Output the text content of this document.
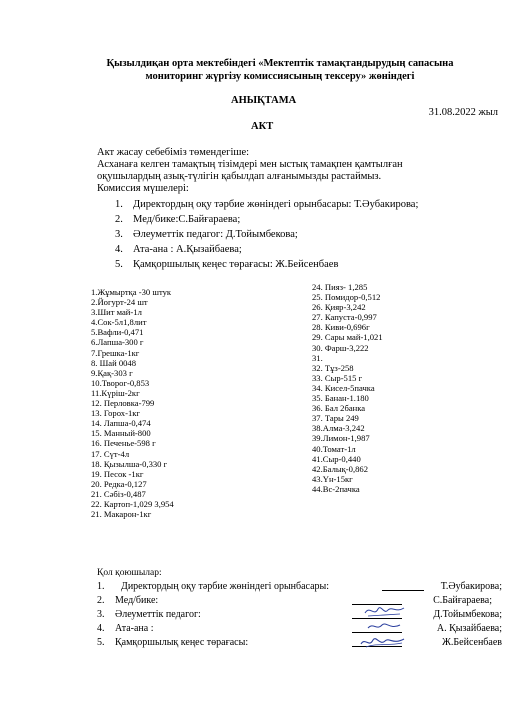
Қызылдиқан орта мектебіндегі «Мектептік тамақтандырудың сапасына
мониторинг жүргізу комиссиясының тексеру» жөніндегі
АНЫҚТАМА
31.08.2022 жыл
АКТ
Акт жасау себебіміз төмендегіше:
Асханаға келген тамақтың тізімдері мен ыстық тамақпен қамтылған
оқушылардың азық-түлігін қабылдап алғанымызды растаймыз.
Комиссия мүшелері:
1. Директордың оқу тәрбие жөніндегі орынбасары: Т.Әубакирова;
2. Мед/бике:С.Байғараева;
3. Әлеуметтік педагог: Д.Тойымбекова;
4. Ата-ана : А.Қызайбаева;
5. Қамқоршылық кеңес төрағасы: Ж.Бейсенбаев
1.Жұмыртқа -30 штук
2.Йогурт-24 шт
3.Шит май-1л
4.Сок-5л1,8лит
5.Вафли-0,471
6.Лапша-300 г
7.Грешка-1кг
8. Шай 0048
9.Қақ-303 г
10.Творог-0,853
11.Күріш-2кг
12. Перловка-799
13. Горох-1кг
14. Лапша-0,474
15. Манный-800
16. Печенье-598 г
17. Сүт-4л
18. Қызылша-0,330 г
19. Песок -1кг
20. Редка-0,127
21. Сәбіз-0,487
22. Картоп-1,029 3,954
21. Макарон-1кг
24. Пияз- 1,285
25. Помидор-0,512
26. Қияр-3,242
27. Капуста-0,997
28. Киви-0,696г
29. Сары май-1,021
30. Фарш-3,222
31.
32. Тұз-258
33. Сыр-515 г
34. Кисел-5пачка
35. Банан-1.180
36. Бал 2банка
37. Тары 249
38.Алма-3,242
39.Лимон-1,987
40.Томат-1л
41.Сыр-0,440
42.Балық-0,862
43.Үн-15кг
44.Вс-2пачка
Қол қоюшылар:
1. Директордың оқу тәрбие жөніндегі орынбасары:	Т.Әубакирова;
2. Мед/бике:	С.Байғараева;
3. Әлеуметтік педагог:	Д.Тойымбекова;
4. Ата-ана :	А. Қызайбаева;
5. Қамқоршылық кеңес төрағасы:	Ж.Бейсенбаев
